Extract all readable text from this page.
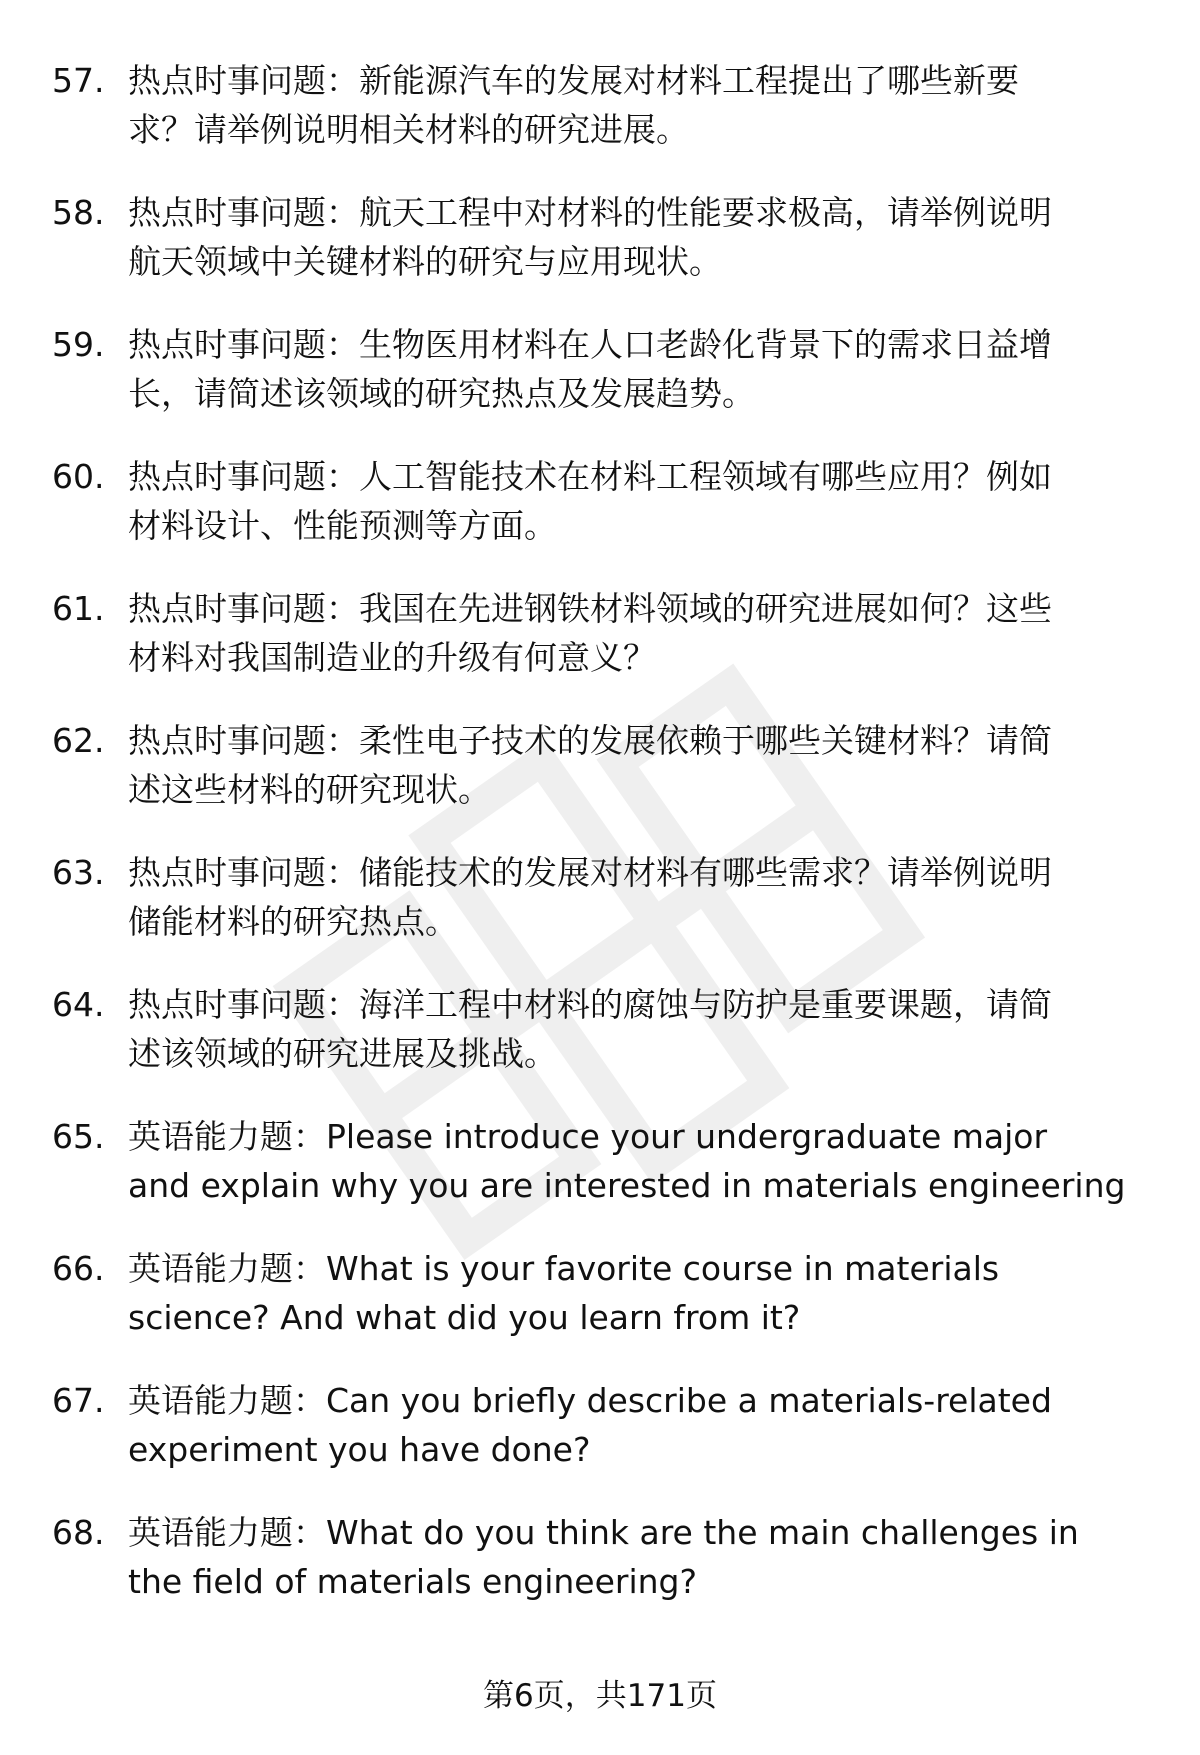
57. 热点时事问题：新能源汽车的发展对材料工程提出了哪些新要
求？请举例说明相关材料的研究进展。
58. 热点时事问题：航天工程中对材料的性能要求极高，请举例说明
航天领域中关键材料的研究与应用现状。
59. 热点时事问题：生物医用材料在人口老龄化背景下的需求日益增
长，请简述该领域的研究热点及发展趋势。
60. 热点时事问题：人工智能技术在材料工程领域有哪些应用？例如
材料设计、性能预测等方面。
61. 热点时事问题：我国在先进钢铁材料领域的研究进展如何？这些
材料对我国制造业的升级有何意义？
62. 热点时事问题：柔性电子技术的发展依赖于哪些关键材料？请简
述这些材料的研究现状。
63. 热点时事问题：储能技术的发展对材料有哪些需求？请举例说明
储能材料的研究热点。
64. 热点时事问题：海洋工程中材料的腐蚀与防护是重要课题，请简
述该领域的研究进展及挑战。
65. 英语能力题：Please introduce your undergraduate major
and explain why you are interested in materials engineering
66. 英语能力题：What is your favorite course in materials
science? And what did you learn from it?
67. 英语能力题：Can you briefly describe a materials-related
experiment you have done?
68. 英语能力题：What do you think are the main challenges in
the field of materials engineering?
第6页，共171页
